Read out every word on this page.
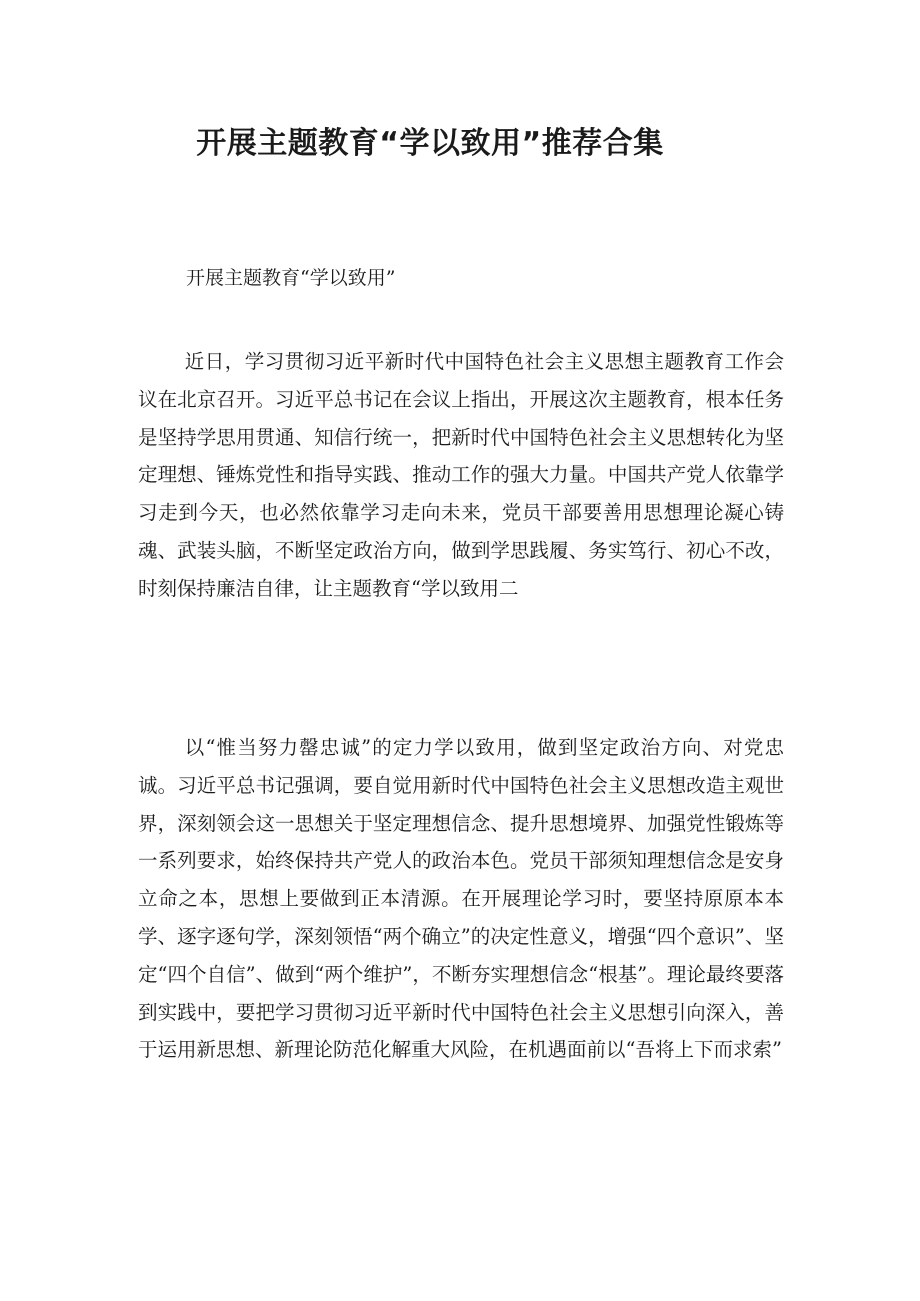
开展主题教育“学以致用”推荐合集
开展主题教育“学以致用”

近日，学习贯彻习近平新时代中国特色社会主义思想主题教育工作会议在北京召开。习近平总书记在会议上指出，开展这次主题教育，根本任务是坚持学思用贯通、知信行统一，把新时代中国特色社会主义思想转化为坚定理想、锤炼党性和指导实践、推动工作的强大力量。中国共产党人依靠学习走到今天，也必然依靠学习走向未来，党员干部要善用思想理论凝心铸魂、武装头脑，不断坚定政治方向，做到学思践履、务实笃行、初心不改，时刻保持廉洁自律，让主题教育“学以致用二

以“惟当努力罄忠诚”的定力学以致用，做到坚定政治方向、对党忠诚。习近平总书记强调，要自觉用新时代中国特色社会主义思想改造主观世界，深刻领会这一思想关于坚定理想信念、提升思想境界、加强党性锻炼等一系列要求，始终保持共产党人的政治本色。党员干部须知理想信念是安身立命之本，思想上要做到正本清源。在开展理论学习时，要坚持原原本本学、逐字逐句学，深刻领悟“两个确立”的决定性意义，增强“四个意识”、坚定“四个自信”、做到“两个维护”，不断夯实理想信念“根基”。理论最终要落到实践中，要把学习贯彻习近平新时代中国特色社会主义思想引向深入，善于运用新思想、新理论防范化解重大风险，在机遇面前以“吾将上下而求索”
